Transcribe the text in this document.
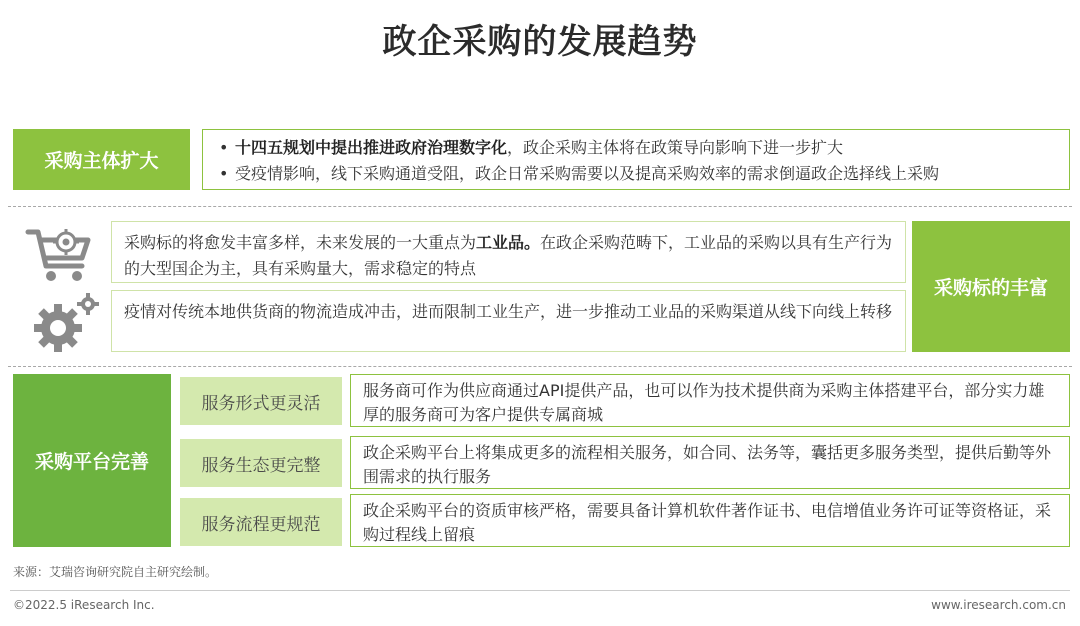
政企采购的发展趋势
采购主体扩大
• 十四五规划中提出推进政府治理数字化，政企采购主体将在政策导向影响下进一步扩大
• 受疫情影响，线下采购通道受阻，政企日常采购需要以及提高采购效率的需求倒逼政企选择线上采购
采购标的将愈发丰富多样，未来发展的一大重点为工业品。在政企采购范畴下，工业品的采购以具有生产行为的大型国企为主，具有采购量大，需求稳定的特点
疫情对传统本地供货商的物流造成冲击，进而限制工业生产，进一步推动工业品的采购渠道从线下向线上转移
采购标的丰富
采购平台完善
服务形式更灵活
服务商可作为供应商通过API提供产品，也可以作为技术提供商为采购主体搭建平台，部分实力雄厚的服务商可为客户提供专属商城
服务生态更完整
政企采购平台上将集成更多的流程相关服务，如合同、法务等，囊括更多服务类型，提供后勤等外围需求的执行服务
服务流程更规范
政企采购平台的资质审核严格，需要具备计算机软件著作证书、电信增值业务许可证等资格证，采购过程线上留痕
来源：艾瑞咨询研究院自主研究绘制。
©2022.5 iResearch Inc.	www.iresearch.com.cn
